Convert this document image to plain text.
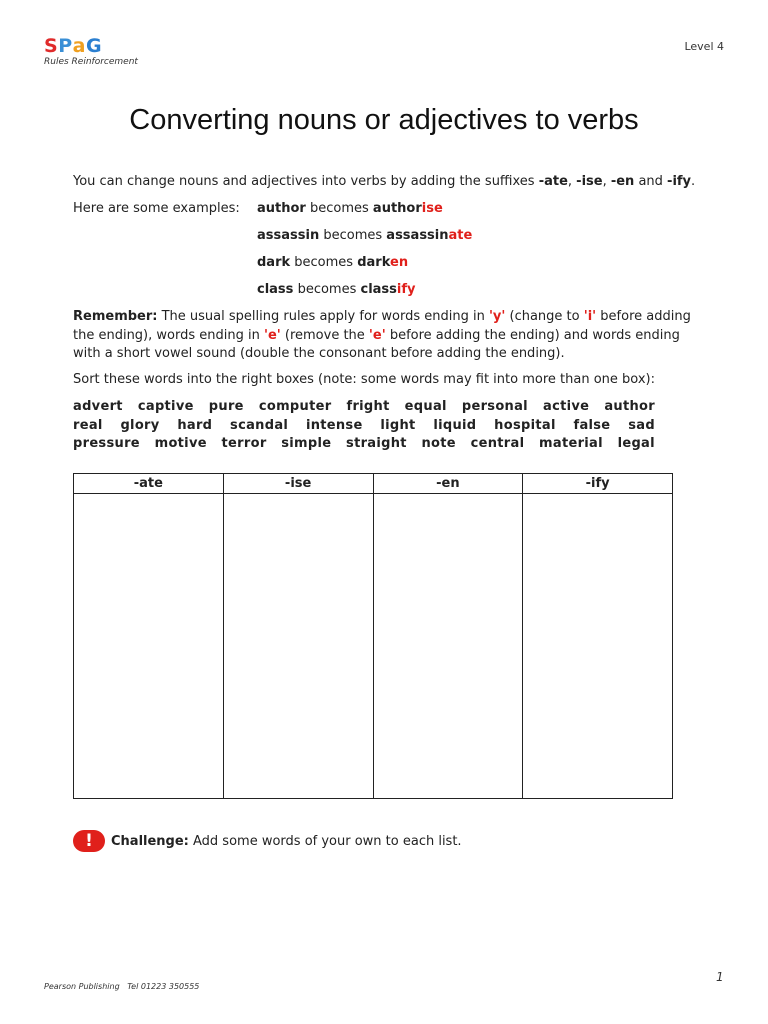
SPaG
Rules Reinforcement
Level 4
Converting nouns or adjectives to verbs
You can change nouns and adjectives into verbs by adding the suffixes -ate, -ise, -en and -ify.
Here are some examples:	author becomes authorise
assassin becomes assassinate
dark becomes darken
class becomes classify
Remember: The usual spelling rules apply for words ending in 'y' (change to 'i' before adding the ending), words ending in 'e' (remove the 'e' before adding the ending) and words ending with a short vowel sound (double the consonant before adding the ending).
Sort these words into the right boxes (note: some words may fit into more than one box):
advert captive pure computer fright equal personal active author
real glory hard scandal intense light liquid hospital false sad
pressure motive terror simple straight note central material legal
-ate	-ise	-en	-ify

!	Challenge: Add some words of your own to each list.
Pearson Publishing   Tel 01223 350555
1
